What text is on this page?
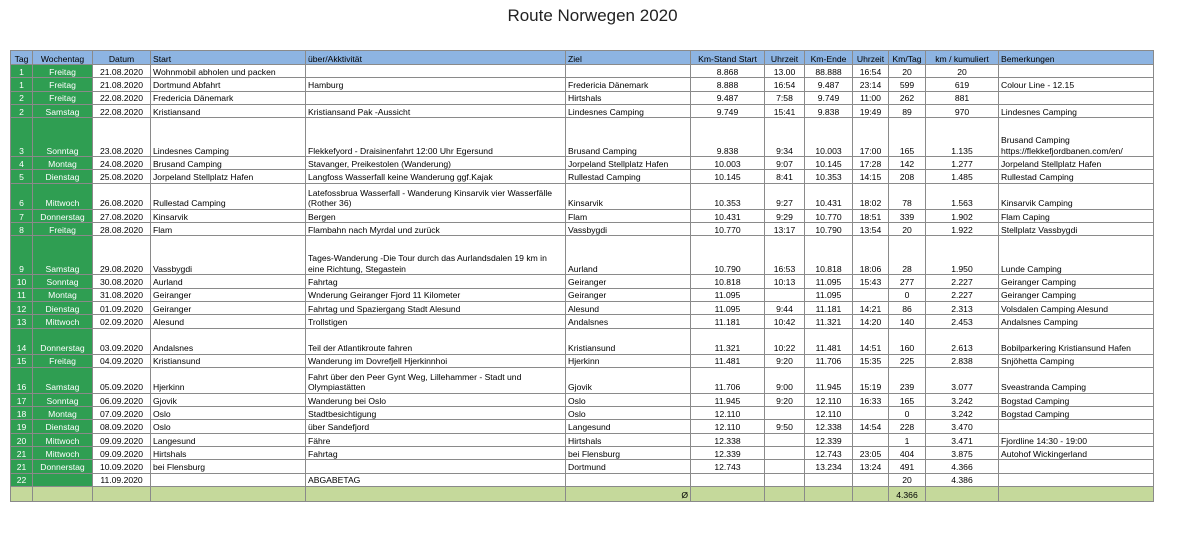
Route Norwegen 2020
Tag	Wochentag	Datum	Start	über/Akktivität	Ziel	Km-Stand Start	Uhrzeit	Km-Ende	Uhrzeit	Km/Tag	km / kumuliert	Bemerkungen
1	Freitag	21.08.2020	Wohnmobil abholen und packen			8.868	13.00	88.888	16:54	20	20	
1	Freitag	21.08.2020	Dortmund Abfahrt	Hamburg	Fredericia Dänemark	8.888	16:54	9.487	23:14	599	619	Colour Line - 12.15
2	Freitag	22.08.2020	Fredericia Dänemark		Hirtshals	9.487	7:58	9.749	11:00	262	881	
2	Samstag	22.08.2020	Kristiansand	Kristiansand Pak -Aussicht	Lindesnes Camping	9.749	15:41	9.838	19:49	89	970	Lindesnes Camping
3	Sonntag	23.08.2020	Lindesnes Camping	Flekkefyord - Draisinenfahrt 12:00 Uhr Egersund	Brusand Camping	9.838	9:34	10.003	17:00	165	1.135	Brusand Camping https://flekkefjordbanen.com/en/
4	Montag	24.08.2020	Brusand Camping	Stavanger, Preikestolen (Wanderung)	Jorpeland Stellplatz Hafen	10.003	9:07	10.145	17:28	142	1.277	Jorpeland Stellplatz Hafen
5	Dienstag	25.08.2020	Jorpeland Stellplatz Hafen	Langfoss Wasserfall keine Wanderung ggf.Kajak	Rullestad Camping	10.145	8:41	10.353	14:15	208	1.485	Rullestad Camping
6	Mittwoch	26.08.2020	Rullestad Camping	Latefossbrua Wasserfall - Wanderung Kinsarvik vier Wasserfälle (Rother 36)	Kinsarvik	10.353	9:27	10.431	18:02	78	1.563	Kinsarvik Camping
7	Donnerstag	27.08.2020	Kinsarvik	Bergen	Flam	10.431	9:29	10.770	18:51	339	1.902	Flam Caping
8	Freitag	28.08.2020	Flam	Flambahn nach Myrdal und zurück	Vassbygdi	10.770	13:17	10.790	13:54	20	1.922	Stellplatz Vassbygdi
9	Samstag	29.08.2020	Vassbygdi	Tages-Wanderung -Die Tour durch das Aurlandsdalen 19 km in eine Richtung, Stegastein	Aurland	10.790	16:53	10.818	18:06	28	1.950	Lunde Camping
10	Sonntag	30.08.2020	Aurland	Fahrtag	Geiranger	10.818	10:13	11.095	15:43	277	2.227	Geiranger Camping
11	Montag	31.08.2020	Geiranger	Wnderung Geiranger Fjord 11 Kilometer	Geiranger	11.095		11.095		0	2.227	Geiranger Camping
12	Dienstag	01.09.2020	Geiranger	Fahrtag und Spaziergang Stadt Alesund	Alesund	11.095	9:44	11.181	14:21	86	2.313	Volsdalen Camping Alesund
13	Mittwoch	02.09.2020	Alesund	Trollstigen	Andalsnes	11.181	10:42	11.321	14:20	140	2.453	Andalsnes Camping
14	Donnerstag	03.09.2020	Andalsnes	Teil der Atlantikroute fahren	Kristiansund	11.321	10:22	11.481	14:51	160	2.613	Bobilparkering Kristiansund Hafen
15	Freitag	04.09.2020	Kristiansund	Wanderung im Dovrefjell Hjerkinnhoi	Hjerkinn	11.481	9:20	11.706	15:35	225	2.838	Snjöhetta Camping
16	Samstag	05.09.2020	Hjerkinn	Fahrt über den Peer Gynt Weg, Lillehammer - Stadt und Olympiastätten	Gjovik	11.706	9:00	11.945	15:19	239	3.077	Sveastranda Camping
17	Sonntag	06.09.2020	Gjovik	Wanderung bei Oslo	Oslo	11.945	9:20	12.110	16:33	165	3.242	Bogstad Camping
18	Montag	07.09.2020	Oslo	Stadtbesichtigung	Oslo	12.110		12.110		0	3.242	Bogstad Camping
19	Dienstag	08.09.2020	Oslo	über Sandefjord	Langesund	12.110	9:50	12.338	14:54	228	3.470	
20	Mittwoch	09.09.2020	Langesund	Fähre	Hirtshals	12.338		12.339		1	3.471	Fjordline 14:30 - 19:00
21	Mittwoch	09.09.2020	Hirtshals	Fahrtag	bei Flensburg	12.339		12.743	23:05	404	3.875	Autohof Wickingerland
21	Donnerstag	10.09.2020	bei Flensburg		Dortmund	12.743		13.234	13:24	491	4.366	
22		11.09.2020		ABGABETAG						20	4.386	
					Ø					4.366		
